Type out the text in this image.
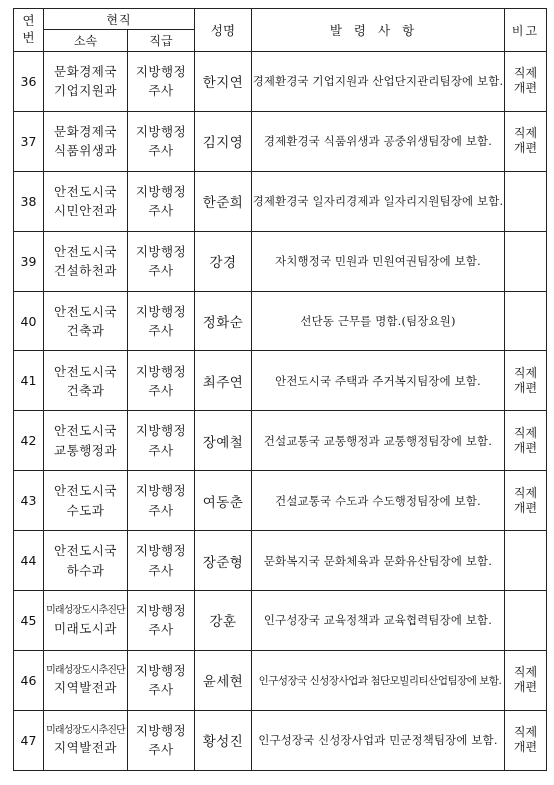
연
번	현직		성명	발령사항	비고
	소속	직급			
36	문화경제국
기업지원과	지방행정
주사	한지연	경제환경국 기업지원과 산업단지관리팀장에 보함.	직제
개편

37	문화경제국
식품위생과	지방행정
주사	김지영	경제환경국 식품위생과 공중위생팀장에 보함.	직제
개편

38	안전도시국
시민안전과	지방행정
주사	한준희	경제환경국 일자리경제과 일자리지원팀장에 보함.	

39	안전도시국
건설하천과	지방행정
주사	강경	자치행정국 민원과 민원여권팀장에 보함.	

40	안전도시국
건축과	지방행정
주사	정화순	선단동 근무를 명함.(팀장요원)	

41	안전도시국
건축과	지방행정
주사	최주연	안전도시국 주택과 주거복지팀장에 보함.	직제
개편

42	안전도시국
교통행정과	지방행정
주사	장예철	건설교통국 교통행정과 교통행정팀장에 보함.	직제
개편

43	안전도시국
수도과	지방행정
주사	여동춘	건설교통국 수도과 수도행정팀장에 보함.	직제
개편

44	안전도시국
하수과	지방행정
주사	장준형	문화복지국 문화체육과 문화유산팀장에 보함.	

45	미래성장도시추진단
미래도시과	지방행정
주사	강훈	인구성장국 교육정책과 교육협력팀장에 보함.	

46	미래성장도시추진단
지역발전과	지방행정
주사	윤세현	인구성장국 신성장사업과 첨단모빌리티산업팀장에 보함.	직제
개편

47	미래성장도시추진단
지역발전과	지방행정
주사	황성진	인구성장국 신성장사업과 민군정책팀장에 보함.	직제
개편
